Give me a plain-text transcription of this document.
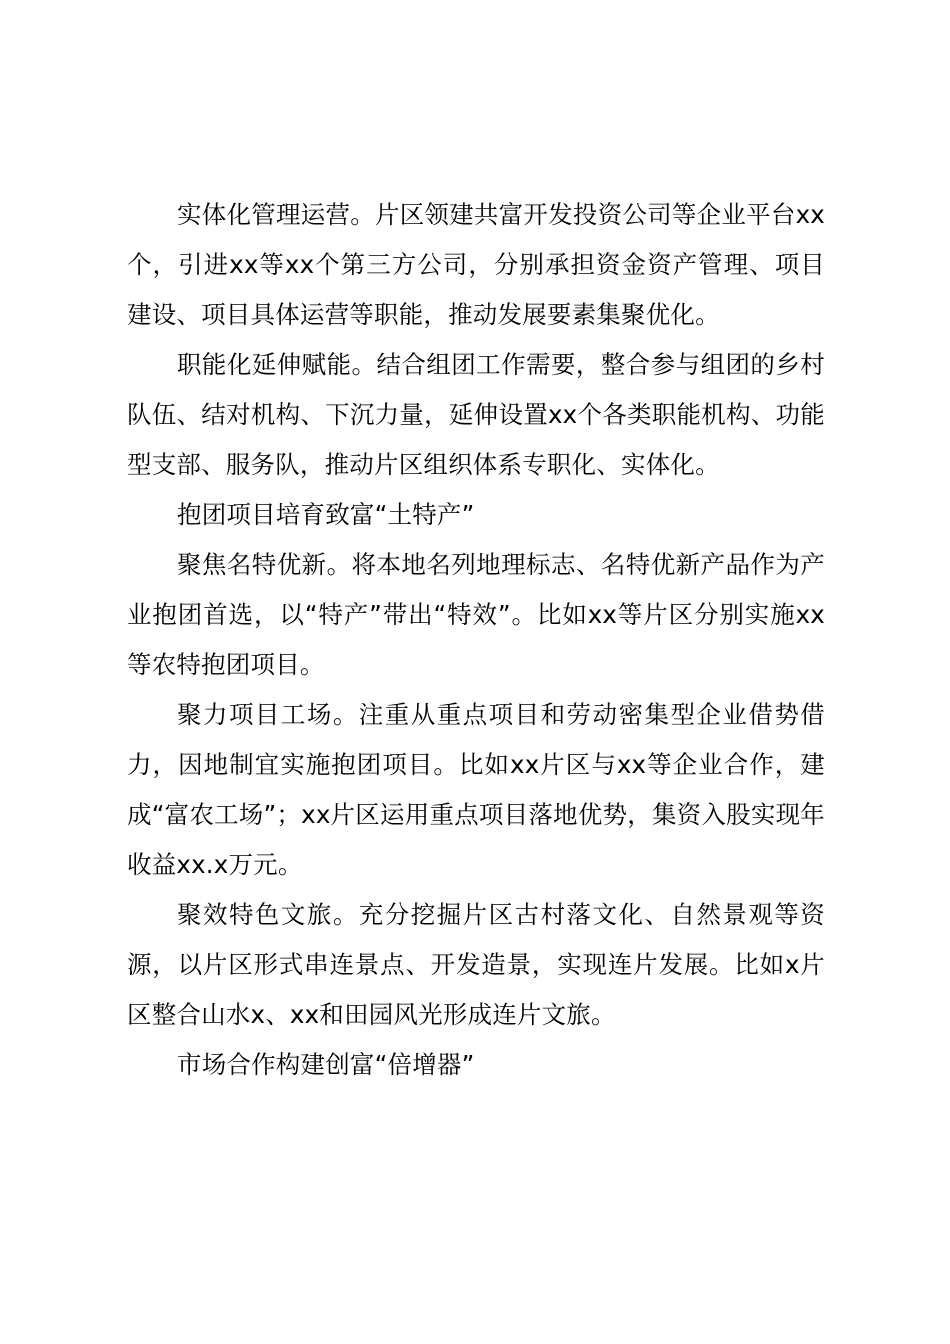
实体化管理运营。片区领建共富开发投资公司等企业平台xx个，引进xx等xx个第三方公司，分别承担资金资产管理、项目建设、项目具体运营等职能，推动发展要素集聚优化。

职能化延伸赋能。结合组团工作需要，整合参与组团的乡村队伍、结对机构、下沉力量，延伸设置xx个各类职能机构、功能型支部、服务队，推动片区组织体系专职化、实体化。

抱团项目培育致富“土特产”

聚焦名特优新。将本地名列地理标志、名特优新产品作为产业抱团首选，以“特产”带出“特效”。比如xx等片区分别实施xx等农特抱团项目。

聚力项目工场。注重从重点项目和劳动密集型企业借势借力，因地制宜实施抱团项目。比如xx片区与xx等企业合作，建成“富农工场”；xx片区运用重点项目落地优势，集资入股实现年收益xx.x万元。

聚效特色文旅。充分挖掘片区古村落文化、自然景观等资源，以片区形式串连景点、开发造景，实现连片发展。比如x片区整合山水x、xx和田园风光形成连片文旅。

市场合作构建创富“倍增器”
